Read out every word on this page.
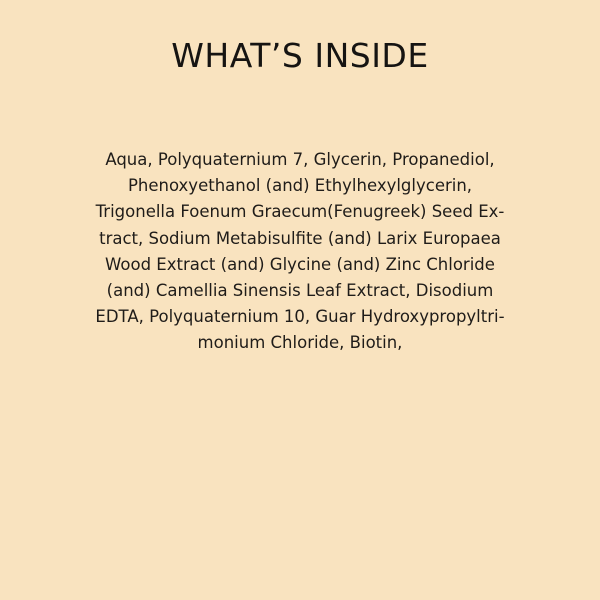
WHAT’S INSIDE

Aqua, Polyquaternium 7, Glycerin, Propanediol,
Phenoxyethanol (and) Ethylhexylglycerin,
Trigonella Foenum Graecum(Fenugreek) Seed Ex-
tract, Sodium Metabisulfite (and) Larix Europaea
Wood Extract (and) Glycine (and) Zinc Chloride
(and) Camellia Sinensis Leaf Extract, Disodium
EDTA, Polyquaternium 10, Guar Hydroxypropyltri-
monium Chloride, Biotin,
